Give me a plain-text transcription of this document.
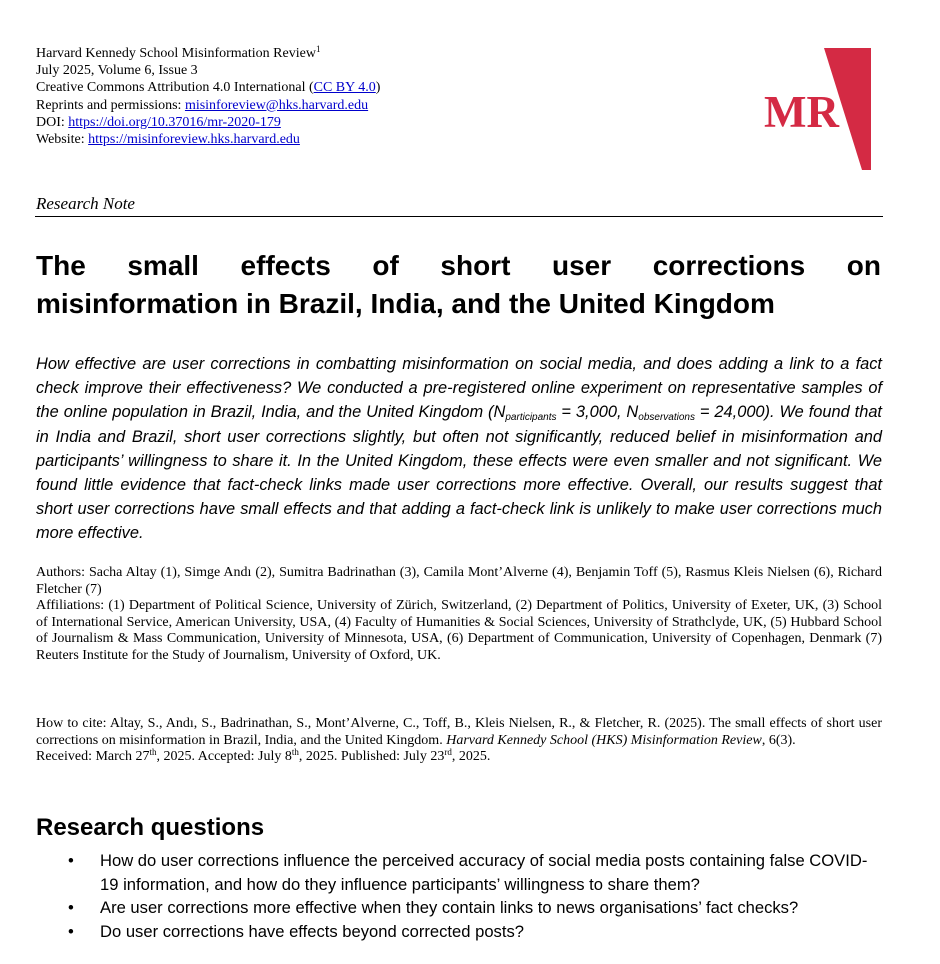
Harvard Kennedy School Misinformation Review$^1$
July 2025, Volume 6, Issue 3
Creative Commons Attribution 4.0 International (CC BY 4.0)
Reprints and permissions: misinforeview@hks.harvard.edu
DOI: https://doi.org/10.37016/mr-2020-179
Website: https://misinforeview.hks.harvard.edu
MR
Research Note
The small effects of short user corrections on
misinformation in Brazil, India, and the United Kingdom

How effective are user corrections in combatting misinformation on social media, and does adding a link to a fact check improve their effectiveness? We conducted a pre-registered online experiment on representative samples of the online population in Brazil, India, and the United Kingdom ($N_{participants} = 3,000$, $N_{observations} = 24,000$). We found that in India and Brazil, short user corrections slightly, but often not significantly, reduced belief in misinformation and participants’ willingness to share it. In the United Kingdom, these effects were even smaller and not significant. We found little evidence that fact-check links made user corrections more effective. Overall, our results suggest that short user corrections have small effects and that adding a fact-check link is unlikely to make user corrections much more effective.

Authors: Sacha Altay (1), Simge Andı (2), Sumitra Badrinathan (3), Camila Mont’Alverne (4), Benjamin Toff (5), Rasmus Kleis Nielsen (6), Richard Fletcher (7)

Affiliations: (1) Department of Political Science, University of Zürich, Switzerland, (2) Department of Politics, University of Exeter, UK, (3) School of International Service, American University, USA, (4) Faculty of Humanities & Social Sciences, University of Strathclyde, UK, (5) Hubbard School of Journalism & Mass Communication, University of Minnesota, USA, (6) Department of Communication, University of Copenhagen, Denmark (7) Reuters Institute for the Study of Journalism, University of Oxford, UK.

How to cite: Altay, S., Andı, S., Badrinathan, S., Mont’Alverne, C., Toff, B., Kleis Nielsen, R., & Fletcher, R. (2025). The small effects of short user corrections on misinformation in Brazil, India, and the United Kingdom. Harvard Kennedy School (HKS) Misinformation Review, 6(3).

Received: March 27th, 2025. Accepted: July 8th, 2025. Published: July 23rd, 2025.

Research questions
• How do user corrections influence the perceived accuracy of social media posts containing false COVID-19 information, and how do they influence participants’ willingness to share them?
• Are user corrections more effective when they contain links to news organisations’ fact checks?
• Do user corrections have effects beyond corrected posts?
